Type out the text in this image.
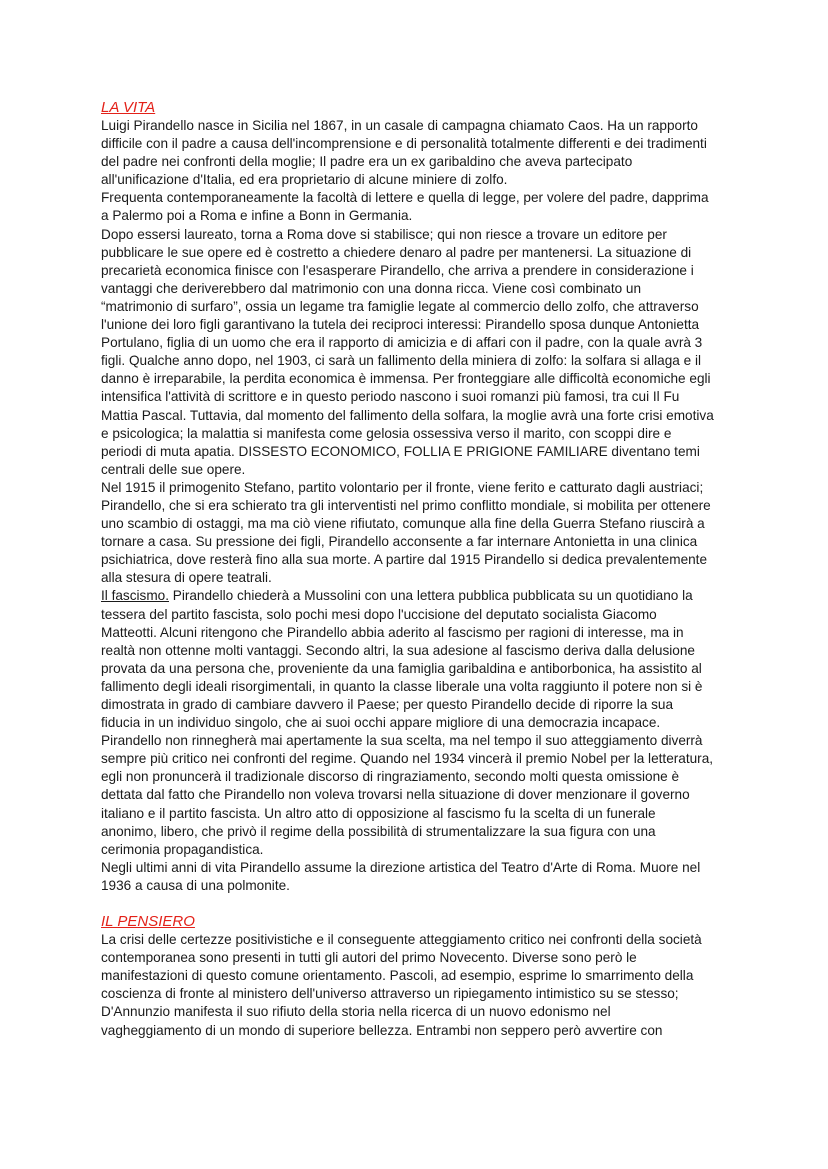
LA VITA
Luigi Pirandello nasce in Sicilia nel 1867, in un casale di campagna chiamato Caos. Ha un rapporto
difficile con il padre a causa dell'incomprensione e di personalità totalmente differenti e dei tradimenti
del padre nei confronti della moglie; Il padre era un ex garibaldino che aveva partecipato
all'unificazione d'Italia, ed era proprietario di alcune miniere di zolfo.
Frequenta contemporaneamente la facoltà di lettere e quella di legge, per volere del padre, dapprima
a Palermo poi a Roma e infine a Bonn in Germania.
Dopo essersi laureato, torna a Roma dove si stabilisce; qui non riesce a trovare un editore per
pubblicare le sue opere ed è costretto a chiedere denaro al padre per mantenersi. La situazione di
precarietà economica finisce con l'esasperare Pirandello, che arriva a prendere in considerazione i
vantaggi che deriverebbero dal matrimonio con una donna ricca. Viene così combinato un
“matrimonio di surfaro”, ossia un legame tra famiglie legate al commercio dello zolfo, che attraverso
l'unione dei loro figli garantivano la tutela dei reciproci interessi: Pirandello sposa dunque Antonietta
Portulano, figlia di un uomo che era il rapporto di amicizia e di affari con il padre, con la quale avrà 3
figli. Qualche anno dopo, nel 1903, ci sarà un fallimento della miniera di zolfo: la solfara si allaga e il
danno è irreparabile, la perdita economica è immensa. Per fronteggiare alle difficoltà economiche egli
intensifica l'attività di scrittore e in questo periodo nascono i suoi romanzi più famosi, tra cui Il Fu
Mattia Pascal. Tuttavia, dal momento del fallimento della solfara, la moglie avrà una forte crisi emotiva
e psicologica; la malattia si manifesta come gelosia ossessiva verso il marito, con scoppi dire e
periodi di muta apatia. DISSESTO ECONOMICO, FOLLIA E PRIGIONE FAMILIARE diventano temi
centrali delle sue opere.
Nel 1915 il primogenito Stefano, partito volontario per il fronte, viene ferito e catturato dagli austriaci;
Pirandello, che si era schierato tra gli interventisti nel primo conflitto mondiale, si mobilita per ottenere
uno scambio di ostaggi, ma ma ciò viene rifiutato, comunque alla fine della Guerra Stefano riuscirà a
tornare a casa. Su pressione dei figli, Pirandello acconsente a far internare Antonietta in una clinica
psichiatrica, dove resterà fino alla sua morte. A partire dal 1915 Pirandello si dedica prevalentemente
alla stesura di opere teatrali.
Il fascismo. Pirandello chiederà a Mussolini con una lettera pubblica pubblicata su un quotidiano la
tessera del partito fascista, solo pochi mesi dopo l'uccisione del deputato socialista Giacomo
Matteotti. Alcuni ritengono che Pirandello abbia aderito al fascismo per ragioni di interesse, ma in
realtà non ottenne molti vantaggi. Secondo altri, la sua adesione al fascismo deriva dalla delusione
provata da una persona che, proveniente da una famiglia garibaldina e antiborbonica, ha assistito al
fallimento degli ideali risorgimentali, in quanto la classe liberale una volta raggiunto il potere non si è
dimostrata in grado di cambiare davvero il Paese; per questo Pirandello decide di riporre la sua
fiducia in un individuo singolo, che ai suoi occhi appare migliore di una democrazia incapace.
Pirandello non rinnegherà mai apertamente la sua scelta, ma nel tempo il suo atteggiamento diverrà
sempre più critico nei confronti del regime. Quando nel 1934 vincerà il premio Nobel per la letteratura,
egli non pronuncerà il tradizionale discorso di ringraziamento, secondo molti questa omissione è
dettata dal fatto che Pirandello non voleva trovarsi nella situazione di dover menzionare il governo
italiano e il partito fascista. Un altro atto di opposizione al fascismo fu la scelta di un funerale
anonimo, libero, che privò il regime della possibilità di strumentalizzare la sua figura con una
cerimonia propagandistica.
Negli ultimi anni di vita Pirandello assume la direzione artistica del Teatro d'Arte di Roma. Muore nel
1936 a causa di una polmonite.
IL PENSIERO
La crisi delle certezze positivistiche e il conseguente atteggiamento critico nei confronti della società
contemporanea sono presenti in tutti gli autori del primo Novecento. Diverse sono però le
manifestazioni di questo comune orientamento. Pascoli, ad esempio, esprime lo smarrimento della
coscienza di fronte al ministero dell'universo attraverso un ripiegamento intimistico su se stesso;
D'Annunzio manifesta il suo rifiuto della storia nella ricerca di un nuovo edonismo nel
vagheggiamento di un mondo di superiore bellezza. Entrambi non seppero però avvertire con
